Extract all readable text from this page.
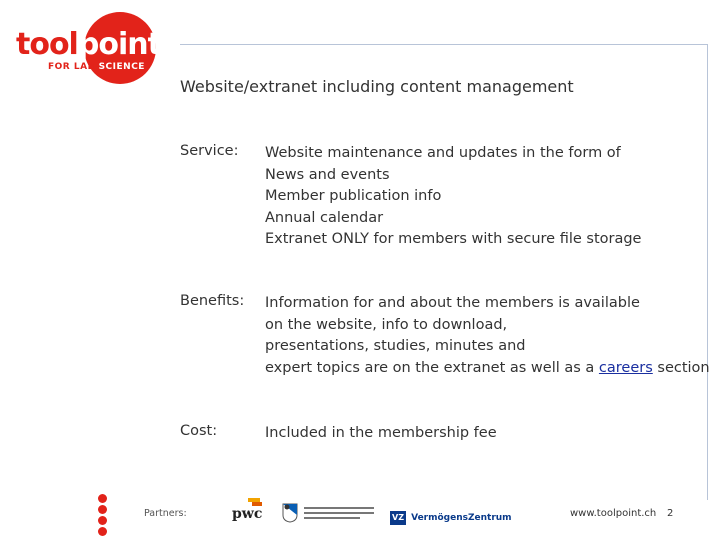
toolpoint
FOR LAB SCIENCE
Website/extranet including content management
Service: Website maintenance and updates in the form of
News and events
Member publication info
Annual calendar
Extranet ONLY for members with secure file storage
Benefits: Information for and about the members is available
on the website, info to download,
presentations, studies, minutes and
expert topics are on the extranet as well as a careers section
Cost:	Included in the membership fee
Partners:	pwc	VZ VermögensZentrum	www.toolpoint.ch 2
